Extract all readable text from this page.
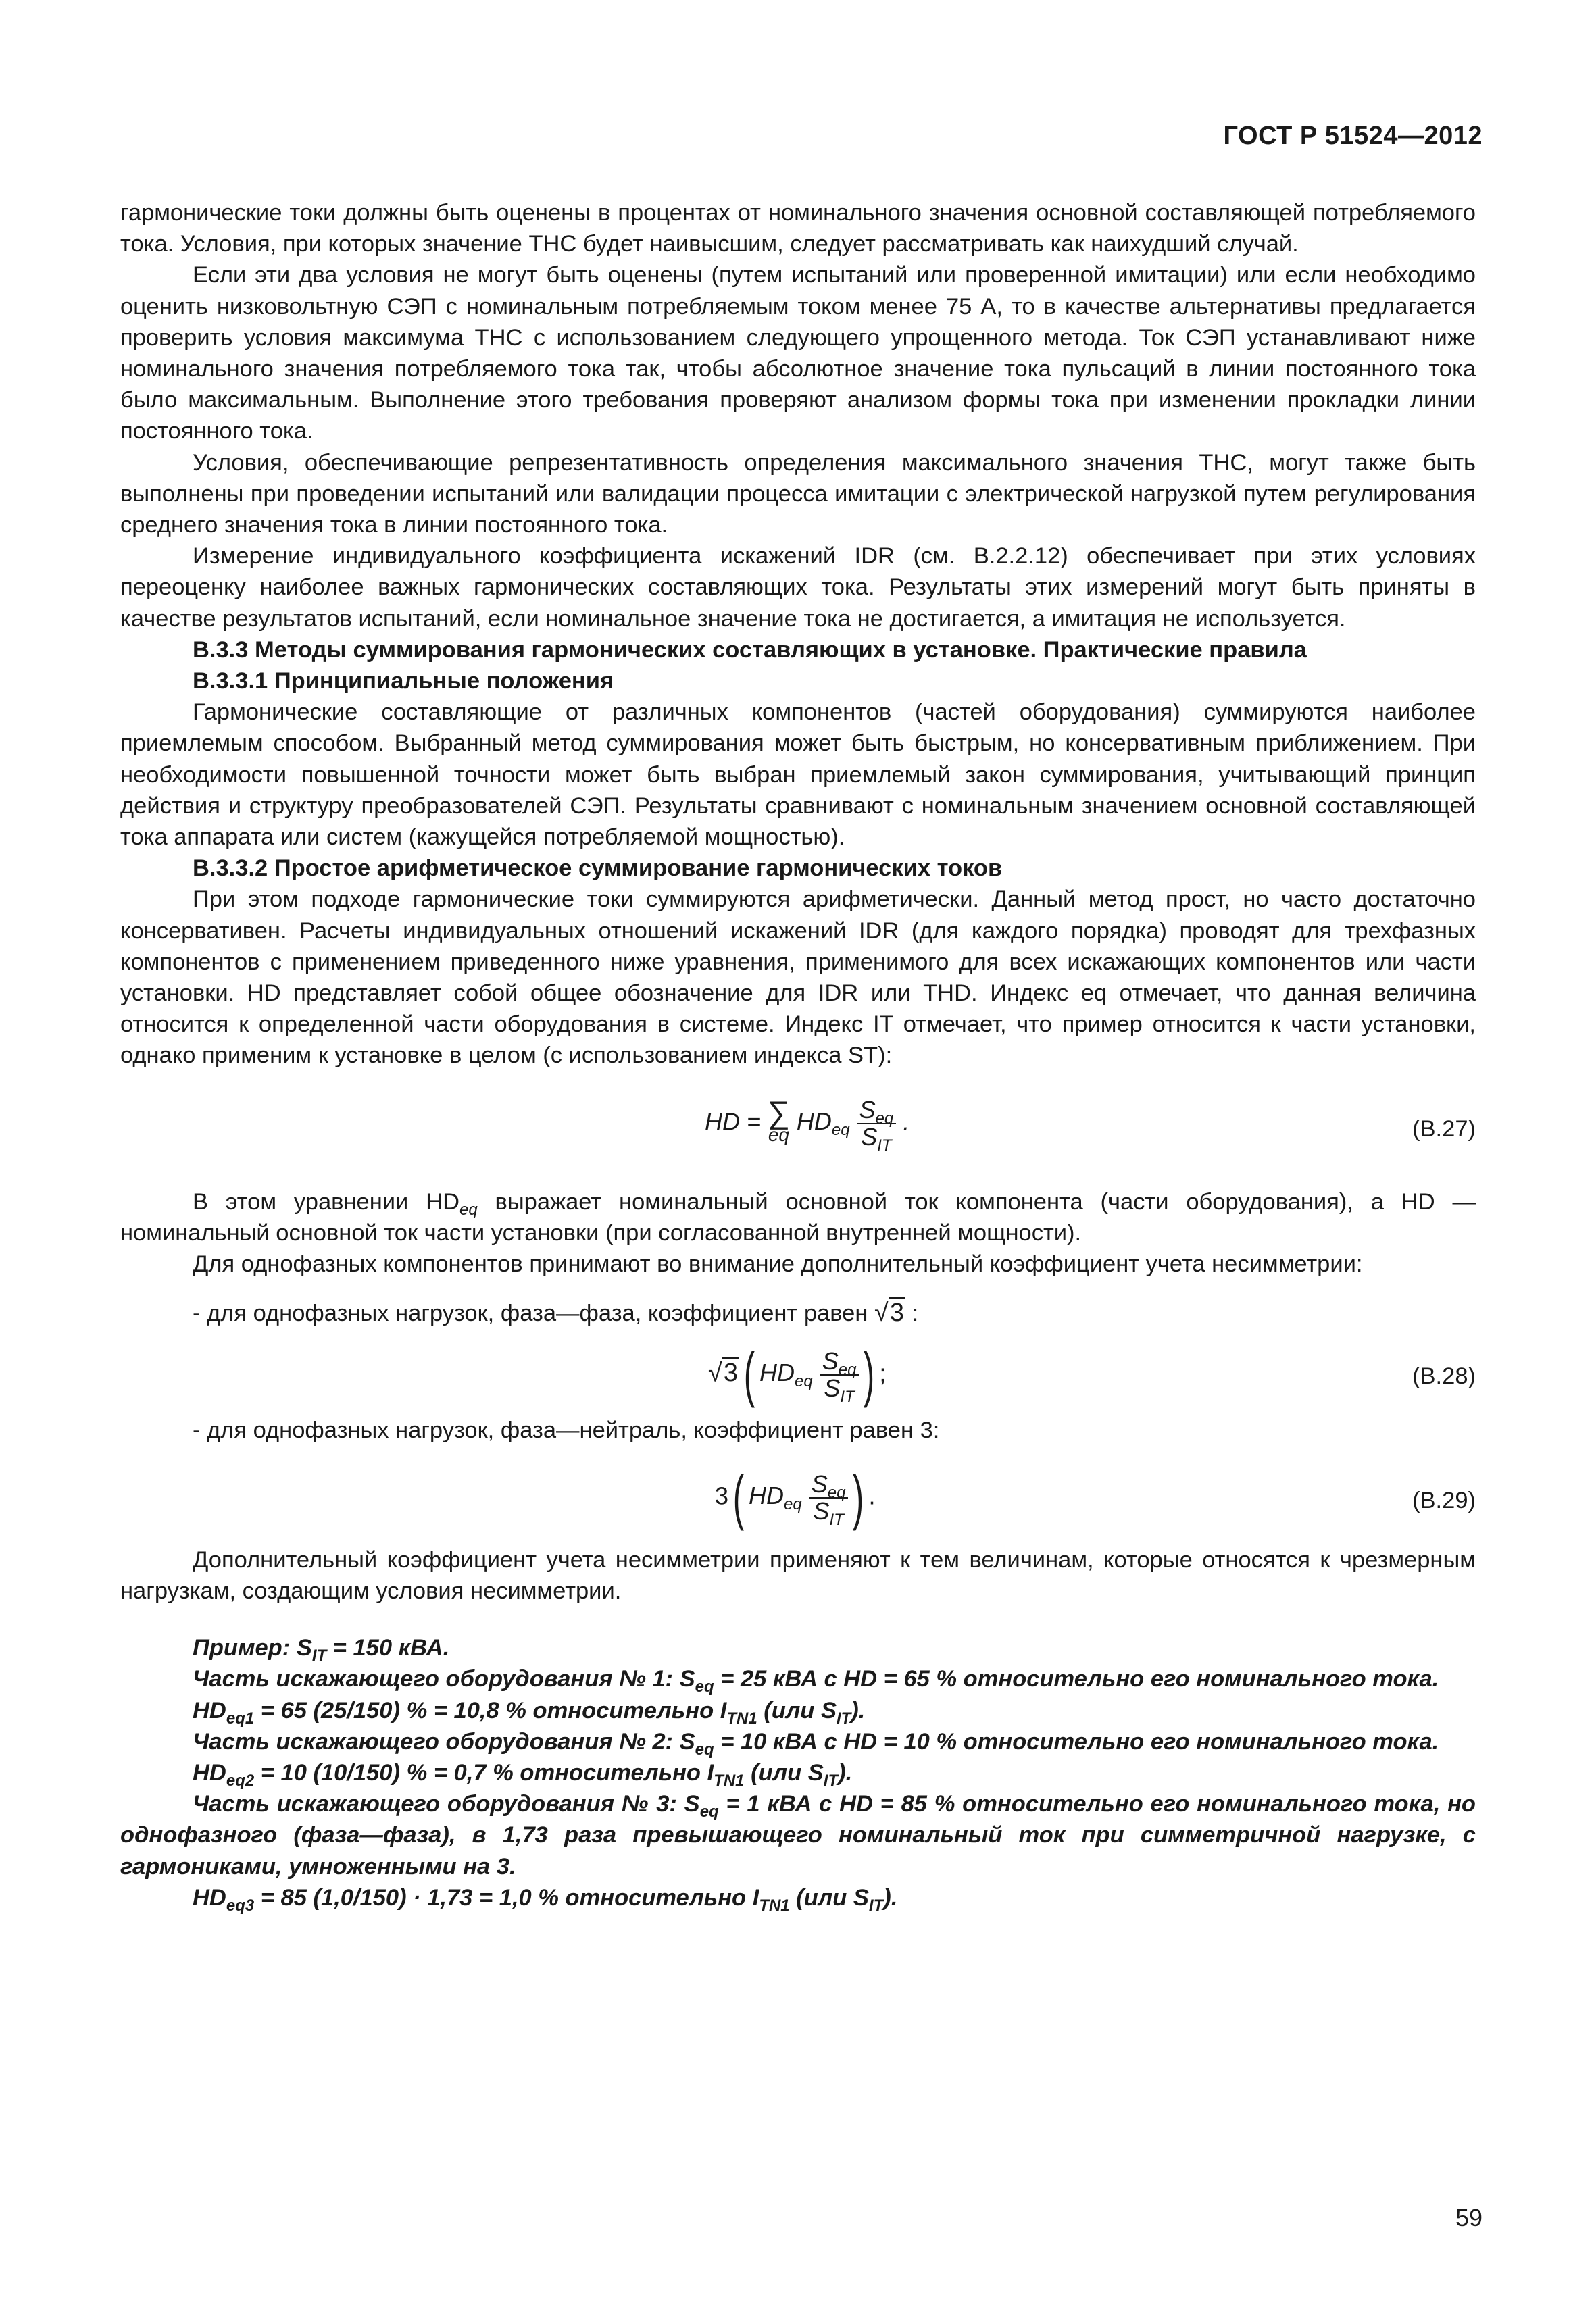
ГОСТ Р 51524—2012

гармонические токи должны быть оценены в процентах от номинального значения основной составляющей потребляемого тока. Условия, при которых значение THC будет наивысшим, следует рассматривать как наихудший случай.

Если эти два условия не могут быть оценены (путем испытаний или проверенной имитации) или если необходимо оценить низковольтную СЭП с номинальным потребляемым током менее 75 А, то в качестве альтернативы предлагается проверить условия максимума THC с использованием следующего упрощенного метода. Ток СЭП устанавливают ниже номинального значения потребляемого тока так, чтобы абсолютное значение тока пульсаций в линии постоянного тока было максимальным. Выполнение этого требования проверяют анализом формы тока при изменении прокладки линии постоянного тока.

Условия, обеспечивающие репрезентативность определения максимального значения THC, могут также быть выполнены при проведении испытаний или валидации процесса имитации с электрической нагрузкой путем регулирования среднего значения тока в линии постоянного тока.

Измерение индивидуального коэффициента искажений IDR (см. В.2.2.12) обеспечивает при этих условиях переоценку наиболее важных гармонических составляющих тока. Результаты этих измерений могут быть приняты в качестве результатов испытаний, если номинальное значение тока не достигается, а имитация не используется.

В.3.3 Методы суммирования гармонических составляющих в установке. Практические правила

В.3.3.1 Принципиальные положения

Гармонические составляющие от различных компонентов (частей оборудования) суммируются наиболее приемлемым способом. Выбранный метод суммирования может быть быстрым, но консервативным приближением. При необходимости повышенной точности может быть выбран приемлемый закон суммирования, учитывающий принцип действия и структуру преобразователей СЭП. Результаты сравнивают с номинальным значением основной составляющей тока аппарата или систем (кажущейся потребляемой мощностью).

В.3.3.2 Простое арифметическое суммирование гармонических токов

При этом подходе гармонические токи суммируются арифметически. Данный метод прост, но часто достаточно консервативен. Расчеты индивидуальных отношений искажений IDR (для каждого порядка) проводят для трехфазных компонентов с применением приведенного ниже уравнения, применимого для всех искажающих компонентов или части установки. HD представляет собой общее обозначение для IDR или THD. Индекс eq отмечает, что данная величина относится к определенной части оборудования в системе. Индекс IT отмечает, что пример относится к части установки, однако применим к установке в целом (с использованием индекса ST):

HD = ∑
eq $HD_{eq} \frac{S_{eq}}{S_{IT}}$ .	(В.27)

В этом уравнении $HD_{eq}$ выражает номинальный основной ток компонента (части оборудования), а HD — номинальный основной ток части установки (при согласованной внутренней мощности).

Для однофазных компонентов принимают во внимание дополнительный коэффициент учета несимметрии:

- для однофазных нагрузок, фаза—фаза, коэффициент равен √3 :

√3( $HD_{eq} \frac{S_{eq}}{S_{IT}}$ ) ;	(В.28)

- для однофазных нагрузок, фаза—нейтраль, коэффициент равен 3:

3( $HD_{eq} \frac{S_{eq}}{S_{IT}}$ ) .	(В.29)

Дополнительный коэффициент учета несимметрии применяют к тем величинам, которые относятся к чрезмерным нагрузкам, создающим условия несимметрии.

Пример: $S_{IT} = 150$ кВА.

Часть искажающего оборудования № 1: $S_{eq} = 25$ кВА с HD = 65 % относительно его номинального тока.

$HD_{eq1} = 65$ (25/150) % = 10,8 % относительно $I_{TN1}$ (или $S_{IT}$).

Часть искажающего оборудования № 2: $S_{eq} = 10$ кВА с HD = 10 % относительно его номинального тока.

$HD_{eq2} = 10$ (10/150) % = 0,7 % относительно $I_{TN1}$ (или $S_{IT}$).

Часть искажающего оборудования № 3: $S_{eq} = 1$ кВА с HD = 85 % относительно его номинального тока, но однофазного (фаза—фаза), в 1,73 раза превышающего номинальный ток при симметричной нагрузке, с гармониками, умноженными на 3.

$HD_{eq3} = 85$ (1,0/150) · 1,73 = 1,0 % относительно $I_{TN1}$ (или $S_{IT}$).

59
